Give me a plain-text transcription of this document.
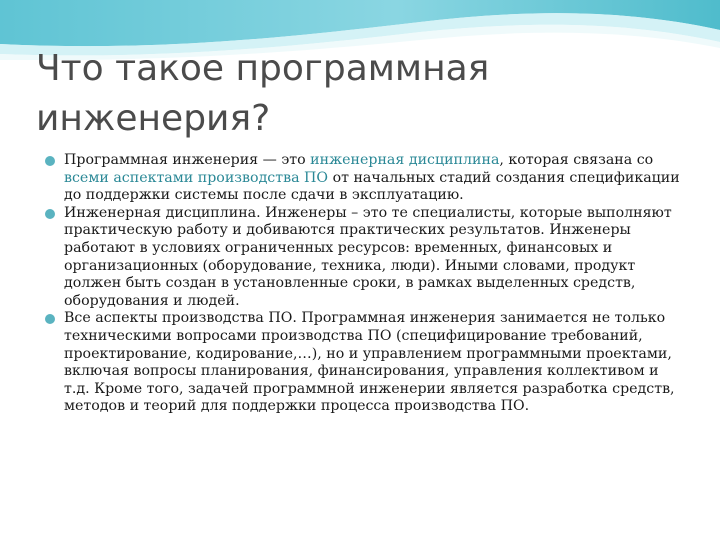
Что такое программная
инженерия?
Программная инженерия — это инженерная дисциплина, которая связана со всеми аспектами производства ПО от начальных стадий создания спецификации до поддержки системы после сдачи в эксплуатацию.
Инженерная дисциплина. Инженеры – это те специалисты, которые выполняют практическую работу и добиваются практических результатов. Инженеры работают в условиях ограниченных ресурсов: временных, финансовых и организационных (оборудование, техника, люди). Иными словами, продукт должен быть создан в установленные сроки, в рамках выделенных средств, оборудования и людей.
Все аспекты производства ПО. Программная инженерия занимается не только техническими вопросами производства ПО (специфицирование требований, проектирование, кодирование,…), но и управлением программными проектами, включая вопросы планирования, финансирования, управления коллективом и т.д. Кроме того, задачей программной инженерии является разработка средств, методов и теорий для поддержки процесса производства ПО.
